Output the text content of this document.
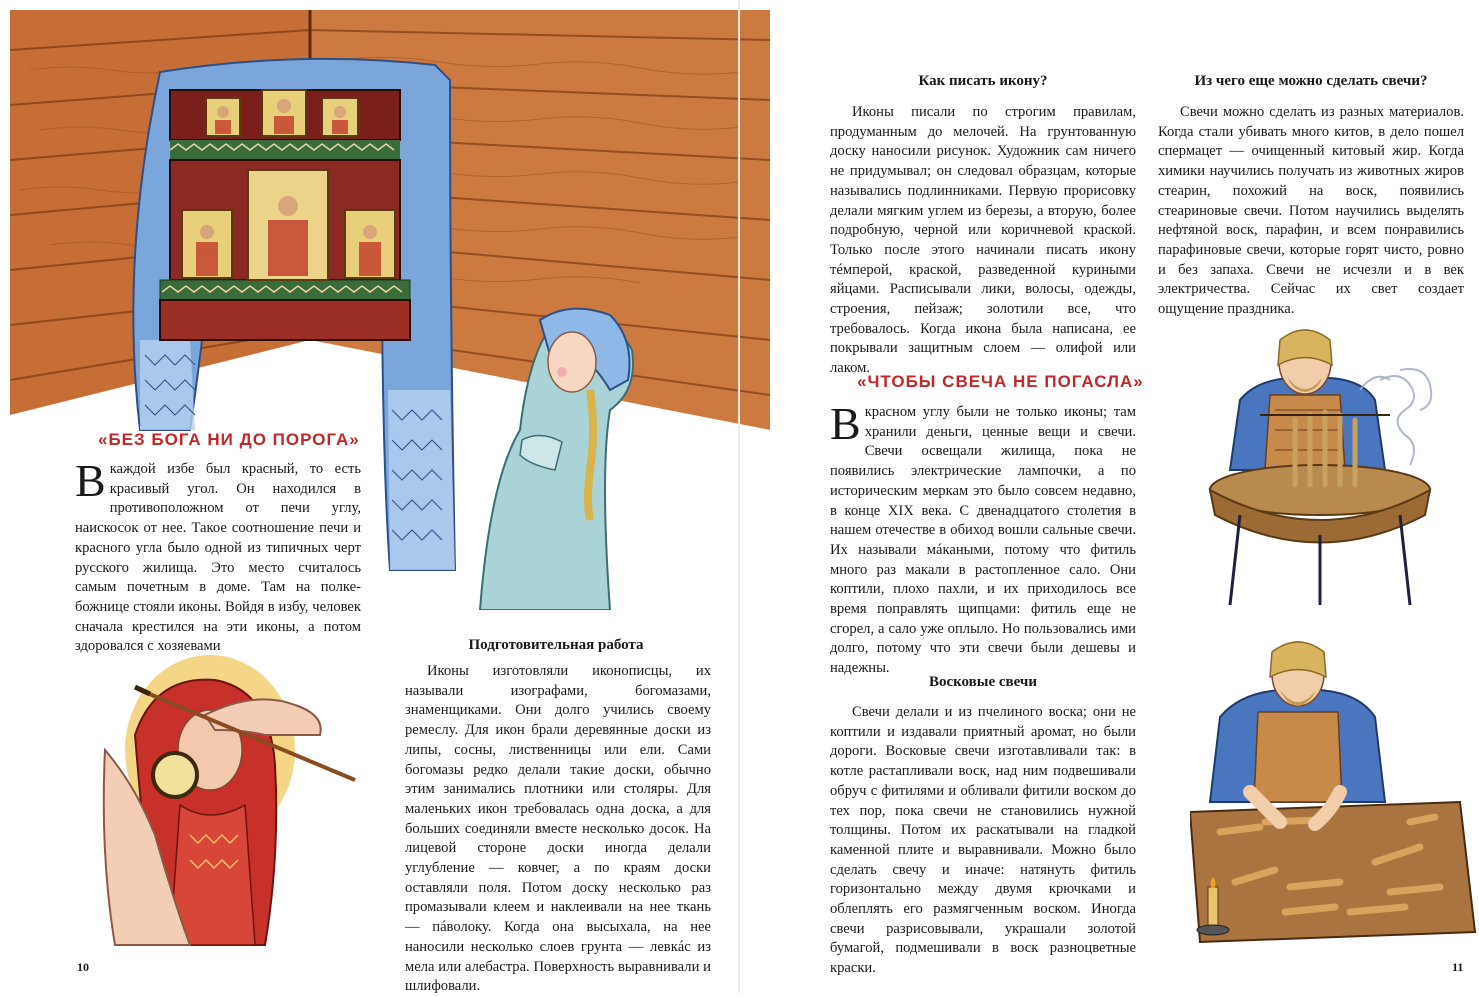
«БЕЗ БОГА НИ ДО ПОРОГА»

В каждой избе был красный, то есть красивый угол. Он находился в противоположном от печи углу, наискосок от нее. Такое соотношение печи и красного угла было одной из типичных черт русского жилища. Это место считалось самым почетным в доме. Там на полке-божнице стояли иконы. Войдя в избу, человек сначала крестился на эти иконы, а потом здоровался с хозяевами	Подготовительная работа

Иконы изготовляли иконописцы, их называли изографами, богомазами, знаменщиками. Они долго учились своему ремеслу. Для икон брали деревянные доски из липы, сосны, лиственницы или ели. Сами богомазы редко делали такие доски, обычно этим занимались плотники или столяры. Для маленьких икон требовалась одна доска, а для больших соединяли вместе несколько досок. На лицевой стороне доски иногда делали углубление — ковчег, а по краям доски оставляли поля. Потом доску несколько раз промазывали клеем и наклеивали на нее ткань — пáволоку. Когда она высыхала, на нее наносили несколько слоев грунта — левкáс из мела или алебастра. Поверхность выравнивали и шлифовали.

10
Как писать икону?

Иконы писали по строгим правилам, продуманным до мелочей. На грунтованную доску наносили рисунок. Художник сам ничего не придумывал; он следовал образцам, которые назывались подлинниками. Первую прорисовку делали мягким углем из березы, а вторую, более подробную, черной или коричневой краской. Только после этого начинали писать икону тéмперой, краской, разведенной куриными яйцами. Расписывали лики, волосы, одежды, строения, пейзаж; золотили все, что требовалось. Когда икона была написана, ее покрывали защитным слоем — олифой или лаком.

«ЧТОБЫ СВЕЧА НЕ ПОГАСЛА»

В красном углу были не только иконы; там хранили деньги, ценные вещи и свечи. Свечи освещали жилища, пока не появились электрические лампочки, а по историческим меркам это было совсем недавно, в конце XIX века. С двенадцатого столетия в нашем отечестве в обиход вошли сальные свечи. Их называли мáкаными, потому что фитиль много раз макали в растопленное сало. Они коптили, плохо пахли, и их приходилось все время поправлять щипцами: фитиль еще не сгорел, а сало уже оплыло. Но пользовались ими долго, потому что эти свечи были дешевы и надежны.

Восковые свечи

Свечи делали и из пчелиного воска; они не коптили и издавали приятный аромат, но были дороги. Восковые свечи изготавливали так: в котле растапливали воск, над ним подвешивали обруч с фитилями и обливали фитили воском до тех пор, пока свечи не становились нужной толщины. Потом их раскатывали на гладкой каменной плите и выравнивали. Можно было сделать свечу и иначе: натянуть фитиль горизонтально между двумя крючками и облеплять его размягченным воском. Иногда свечи разрисовывали, украшали золотой бумагой, подмешивали в воск разноцветные краски.

Из чего еще можно сделать свечи?

Свечи можно сделать из разных материалов. Когда стали убивать много китов, в дело пошел спермацет — очищенный китовый жир. Когда химики научились получать из животных жиров стеарин, похожий на воск, появились стеариновые свечи. Потом научились выделять нефтяной воск, парафин, и всем понравились парафиновые свечи, которые горят чисто, ровно и без запаха. Свечи не исчезли и в век электричества. Сейчас их свет создает ощущение праздника.

11
